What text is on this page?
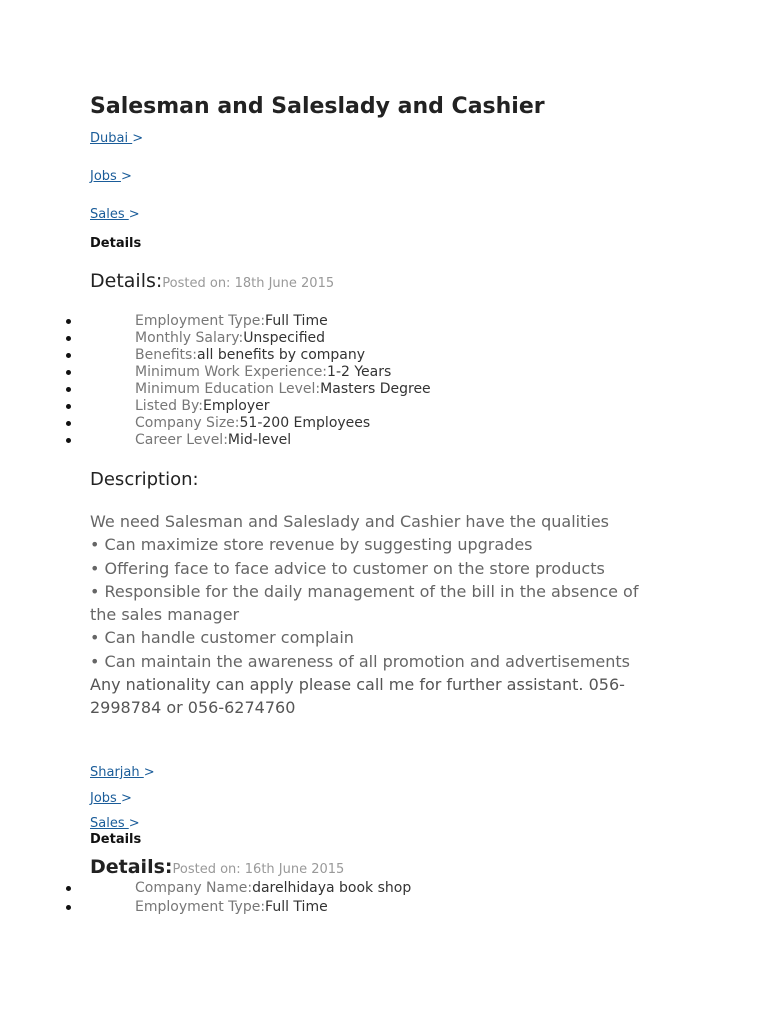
Salesman and Saleslady and Cashier
Dubai >
Jobs >
Sales >
Details
Details:Posted on: 18th June 2015
Employment Type:Full Time
Monthly Salary:Unspecified
Benefits:all benefits by company
Minimum Work Experience:1-2 Years
Minimum Education Level:Masters Degree
Listed By:Employer
Company Size:51-200 Employees
Career Level:Mid-level
Description:
We need Salesman and Saleslady and Cashier have the qualities
• Can maximize store revenue by suggesting upgrades
• Offering face to face advice to customer on the store products
• Responsible for the daily management of the bill in the absence of
the sales manager
• Can handle customer complain
• Can maintain the awareness of all promotion and advertisements
Any nationality can apply please call me for further assistant. 056-
2998784 or 056-6274760
Sharjah >
Jobs >
Sales >
Details
Details:Posted on: 16th June 2015
Company Name:darelhidaya book shop
Employment Type:Full Time
